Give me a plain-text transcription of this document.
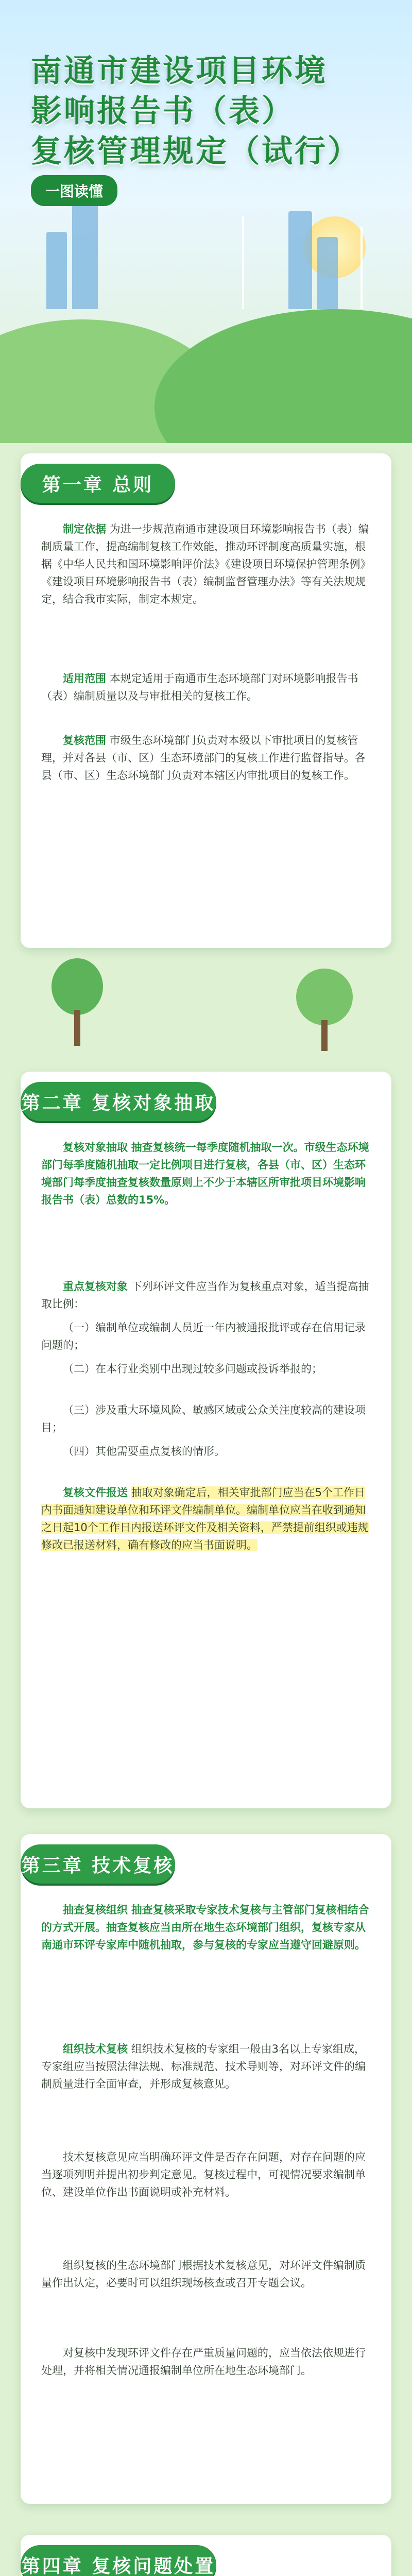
南通市建设项目环境
影响报告书（表）
复核管理规定（试行）
一图读懂
第一章 总则
制定依据 为进一步规范南通市建设项目环境影响报告书（表）编制质量工作，提高编制复核工作效能，推动环评制度高质量实施，根据《中华人民共和国环境影响评价法》《建设项目环境保护管理条例》《建设项目环境影响报告书（表）编制监督管理办法》等有关法规规定，结合我市实际，制定本规定。
适用范围 本规定适用于南通市生态环境部门对环境影响报告书（表）编制质量以及与审批相关的复核工作。
复核范围 市级生态环境部门负责对本级以下审批项目的复核管理，并对各县（市、区）生态环境部门的复核工作进行监督指导。各县（市、区）生态环境部门负责对本辖区内审批项目的复核工作。
第二章 复核对象抽取
复核对象抽取 抽查复核统一每季度随机抽取一次。市级生态环境部门每季度随机抽取一定比例项目进行复核，各县（市、区）生态环境部门每季度抽查复核数量原则上不少于本辖区所审批项目环境影响报告书（表）总数的15%。
重点复核对象 下列环评文件应当作为复核重点对象，适当提高抽取比例：
（一）编制单位或编制人员近一年内被通报批评或存在信用记录问题的；
（二）在本行业类别中出现过较多问题或投诉举报的；
（三）涉及重大环境风险、敏感区域或公众关注度较高的建设项目；
（四）其他需要重点复核的情形。
复核文件报送 抽取对象确定后，相关审批部门应当在5个工作日内书面通知建设单位和环评文件编制单位。编制单位应当在收到通知之日起10个工作日内报送环评文件及相关资料，严禁提前组织或违规修改已报送材料，确有修改的应当书面说明。
第三章 技术复核
抽查复核组织 抽查复核采取专家技术复核与主管部门复核相结合的方式开展。抽查复核应当由所在地生态环境部门组织，复核专家从南通市环评专家库中随机抽取，参与复核的专家应当遵守回避原则。
组织技术复核 组织技术复核的专家组一般由3名以上专家组成，专家组应当按照法律法规、标准规范、技术导则等，对环评文件的编制质量进行全面审查，并形成复核意见。
技术复核意见应当明确环评文件是否存在问题，对存在问题的应当逐项列明并提出初步判定意见。复核过程中，可视情况要求编制单位、建设单位作出书面说明或补充材料。
组织复核的生态环境部门根据技术复核意见，对环评文件编制质量作出认定，必要时可以组织现场核查或召开专题会议。
对复核中发现环评文件存在严重质量问题的，应当依法依规进行处理，并将相关情况通报编制单位所在地生态环境部门。
第四章 复核问题处置
